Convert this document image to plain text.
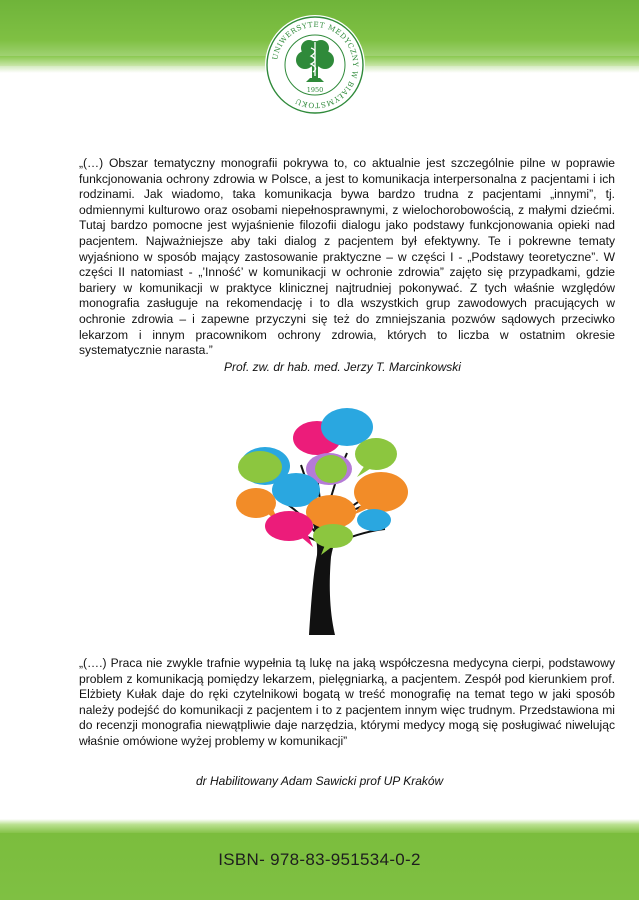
UNIWERSYTET MEDYCZNY W BIAŁYMSTOKU
1950
„(…) Obszar tematyczny monografii pokrywa to, co aktualnie jest szczególnie pilne w poprawie funkcjonowania ochrony zdrowia w Polsce, a jest to komunikacja interpersonalna z pacjentami i ich rodzinami. Jak wiadomo, taka komunikacja bywa bardzo trudna z pacjentami „innymi”, tj. odmiennymi kulturowo oraz osobami niepełnosprawnymi, z wielochorobowością, z małymi dziećmi. Tutaj bardzo pomocne jest wyjaśnienie filozofii dialogu jako podstawy funkcjonowania opieki nad pacjentem. Najważniejsze aby taki dialog z pacjentem był efektywny. Te i pokrewne tematy wyjaśniono w sposób mający zastosowanie praktyczne – w części I - „Podstawy teoretyczne”. W części II natomiast - „’Inność’ w komunikacji w ochronie zdrowia” zajęto się przypadkami, gdzie bariery w komunikacji w praktyce klinicznej najtrudniej pokonywać. Z tych właśnie względów monografia zasługuje na rekomendację i to dla wszystkich grup zawodowych pracujących w ochronie zdrowia – i zapewne przyczyni się też do zmniejszania pozwów sądowych przeciwko lekarzom i innym pracownikom ochrony zdrowia, których to liczba w ostatnim okresie systematycznie narasta.”
Prof. zw. dr hab. med. Jerzy T. Marcinkowski
„(….) Praca nie zwykle trafnie wypełnia tą lukę na jaką współczesna medycyna cierpi, podstawowy problem z komunikacją pomiędzy lekarzem, pielęgniarką, a pacjentem. Zespół pod kierunkiem prof. Elżbiety Kułak daje do ręki czytelnikowi bogatą w treść monografię na temat tego w jaki sposób należy podejść do komunikacji z pacjentem i to z pacjentem innym więc trudnym. Przedstawiona mi do recenzji monografia niewątpliwie daje narzędzia, którymi medycy mogą się posługiwać niwelując właśnie omówione wyżej problemy w komunikacji”
dr Habilitowany Adam Sawicki prof UP Kraków
ISBN- 978-83-951534-0-2
